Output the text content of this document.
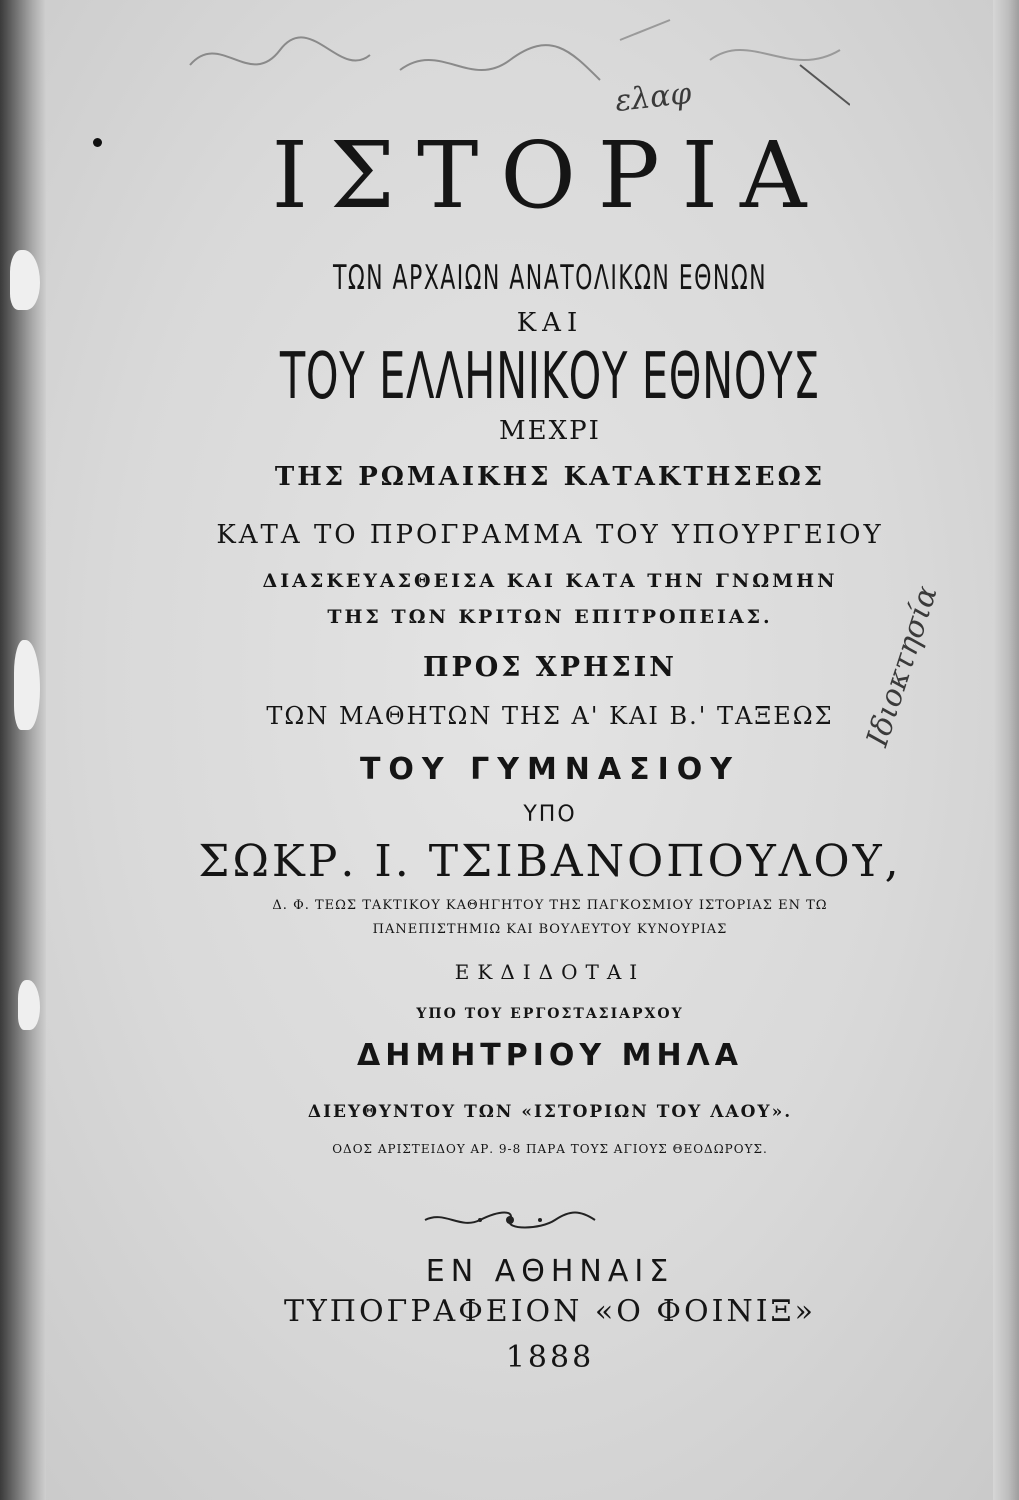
ελαφ
Ιδιοκτησία
ΙΣΤΟΡΙΑ
ΤΩΝ ΑΡΧΑΙΩΝ ΑΝΑΤΟΛΙΚΩΝ ΕΘΝΩΝ
ΚΑΙ
ΤΟΥ ΕΛΛΗΝΙΚΟΥ ΕΘΝΟΥΣ
ΜΕΧΡΙ
ΤΗΣ ΡΩΜΑΙΚΗΣ ΚΑΤΑΚΤΗΣΕΩΣ
ΚΑΤΑ ΤΟ ΠΡΟΓΡΑΜΜΑ ΤΟΥ ΥΠΟΥΡΓΕΙΟΥ
ΔΙΑΣΚΕΥΑΣΘΕΙΣΑ ΚΑΙ ΚΑΤΑ ΤΗΝ ΓΝΩΜΗΝ
ΤΗΣ ΤΩΝ ΚΡΙΤΩΝ ΕΠΙΤΡΟΠΕΙΑΣ.
ΠΡΟΣ ΧΡΗΣΙΝ
ΤΩΝ ΜΑΘΗΤΩΝ ΤΗΣ Α' ΚΑΙ Β.' ΤΑΞΕΩΣ
ΤΟΥ ΓΥΜΝΑΣΙΟΥ
ΥΠΟ
ΣΩΚΡ. Ι. ΤΣΙΒΑΝΟΠΟΥΛΟΥ,
Δ. Φ. ΤΕΩΣ ΤΑΚΤΙΚΟΥ ΚΑΘΗΓΗΤΟΥ ΤΗΣ ΠΑΓΚΟΣΜΙΟΥ ΙΣΤΟΡΙΑΣ ΕΝ ΤΩ
ΠΑΝΕΠΙΣΤΗΜΙΩ ΚΑΙ ΒΟΥΛΕΥΤΟΥ ΚΥΝΟΥΡΙΑΣ
ΕΚΔΙΔΟΤΑΙ
ΥΠΟ ΤΟΥ ΕΡΓΟΣΤΑΣΙΑΡΧΟΥ
ΔΗΜΗΤΡΙΟΥ ΜΗΛΑ
ΔΙΕΥΘΥΝΤΟΥ ΤΩΝ «ΙΣΤΟΡΙΩΝ ΤΟΥ ΛΑΟΥ».
ΟΔΟΣ ΑΡΙΣΤΕΙΔΟΥ ΑΡ. 9-8 ΠΑΡΑ ΤΟΥΣ ΑΓΙΟΥΣ ΘΕΟΔΩΡΟΥΣ.
ΕΝ ΑΘΗΝΑΙΣ
ΤΥΠΟΓΡΑΦΕΙΟΝ «Ο ΦΟΙΝΙΞ»
1888
